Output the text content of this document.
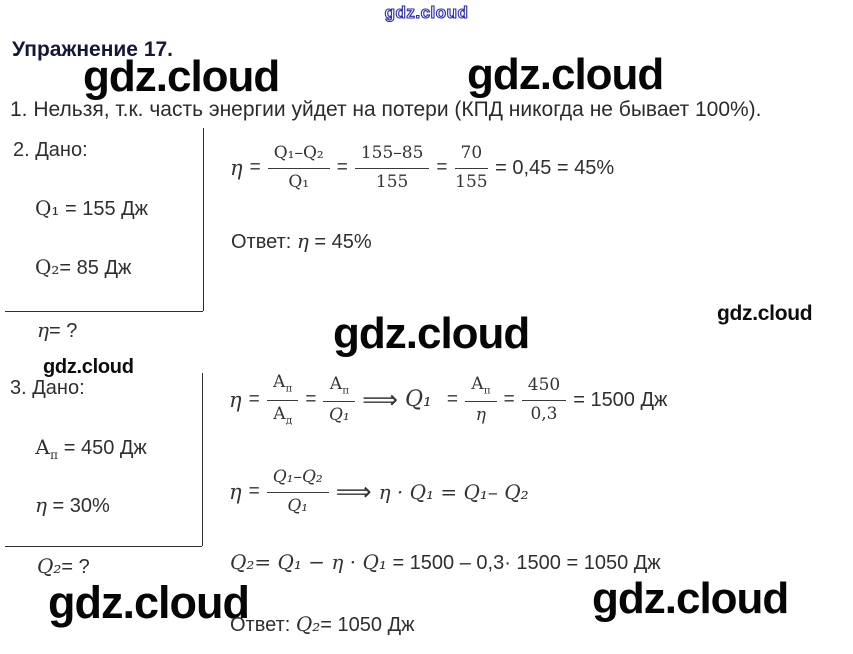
gdz.cloud
gdz.cloud	gdz.cloud
gdz.cloud	gdz.cloud
gdz.cloud
gdz.cloud	gdz.cloud
Упражнение 17.

1. Нельзя, т.к. часть энергии уйдет на потери (КПД никогда не бывает 100%).

2. Дано:
Q₁ = 155 Дж
Q₂= 85 Дж
η= ?
$\eta = \frac{\text{Q₁–Q₂}}{\text{Q₁}} = \frac{155-85}{155} = \frac{70}{155} = 0,45 = 45\%$
Ответ: η = 45%
3. Дано:
$А_п = 450$ Дж
η = 30%
Q₂= ?
$\eta = \frac{А_п}{А_д} = \frac{А_п}{\text{Q₁}}$ ⟹ $Q_1 = \frac{А_п}{\eta} = \frac{450}{0,3} = 1500$ Дж
$\eta = \frac{\text{Q₁–Q₂}}{\text{Q₁}}$ ⟹ η · Q₁ = Q₁– Q₂
Q₂= Q₁ − η · Q₁ = 1500 – 0,3· 1500 = 1050 Дж
Ответ: Q₂= 1050 Дж
